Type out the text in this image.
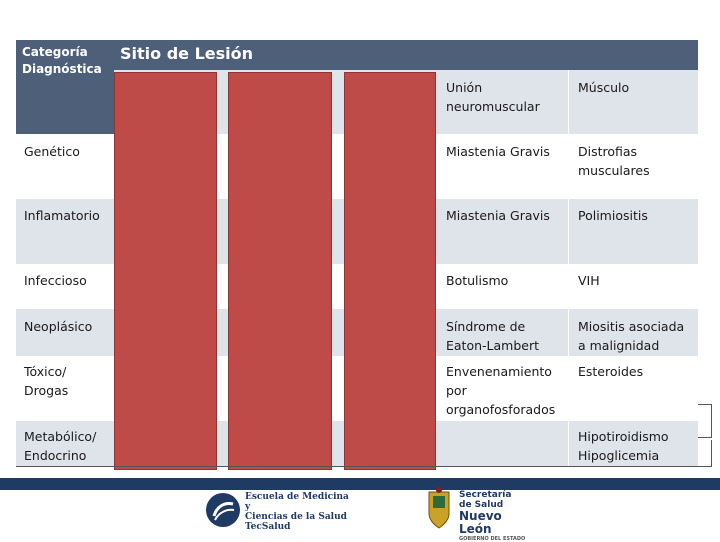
Categoría Diagnóstica
Sitio de Lesión
Unión neuromuscular
Músculo
Genético
Inflamatorio
Infeccioso
Neoplásico
Tóxico/ Drogas
Metabólico/ Endocrino
Miastenia Gravis
Miastenia Gravis
Botulismo
Síndrome de Eaton-Lambert
Envenenamiento por organofosforados
Distrofias musculares
Polimiositis
VIH
Miositis asociada a malignidad
Esteroides
Hipotiroidismo Hipoglicemia
Escuela de Medicina y
Ciencias de la Salud
TecSalud
Secretaría
de Salud
Nuevo León
GOBIERNO DEL ESTADO
